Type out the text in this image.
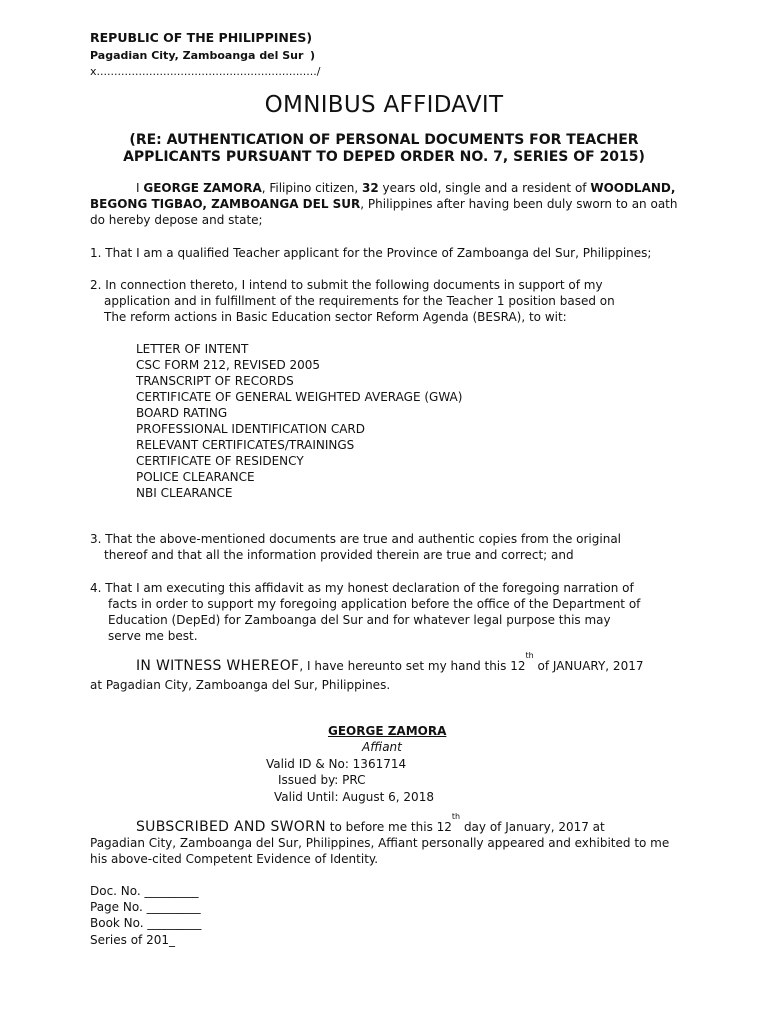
REPUBLIC OF THE PHILIPPINES)
Pagadian City, Zamboanga del Sur )
x.............................................................../
OMNIBUS AFFIDAVIT
(RE: AUTHENTICATION OF PERSONAL DOCUMENTS FOR TEACHER
APPLICANTS PURSUANT TO DEPED ORDER NO. 7, SERIES OF 2015)
I GEORGE ZAMORA, Filipino citizen, 32 years old, single and a resident of WOODLAND,
BEGONG TIGBAO, ZAMBOANGA DEL SUR, Philippines after having been duly sworn to an oath
do hereby depose and state;
1. That I am a qualified Teacher applicant for the Province of Zamboanga del Sur, Philippines;
2. In connection thereto, I intend to submit the following documents in support of my
application and in fulfillment of the requirements for the Teacher 1 position based on
The reform actions in Basic Education sector Reform Agenda (BESRA), to wit:
LETTER OF INTENT
CSC FORM 212, REVISED 2005
TRANSCRIPT OF RECORDS
CERTIFICATE OF GENERAL WEIGHTED AVERAGE (GWA)
BOARD RATING
PROFESSIONAL IDENTIFICATION CARD
RELEVANT CERTIFICATES/TRAININGS
CERTIFICATE OF RESIDENCY
POLICE CLEARANCE
NBI CLEARANCE
3. That the above-mentioned documents are true and authentic copies from the original
thereof and that all the information provided therein are true and correct; and
4. That I am executing this affidavit as my honest declaration of the foregoing narration of
facts in order to support my foregoing application before the office of the Department of
Education (DepEd) for Zamboanga del Sur and for whatever legal purpose this may
serve me best.
IN WITNESS WHEREOF, I have hereunto set my hand this 12th of JANUARY, 2017
at Pagadian City, Zamboanga del Sur, Philippines.
GEORGE ZAMORA
Affiant
Valid ID & No: 1361714
Issued by: PRC
Valid Until: August 6, 2018
SUBSCRIBED AND SWORN to before me this 12th day of January, 2017 at
Pagadian City, Zamboanga del Sur, Philippines, Affiant personally appeared and exhibited to me
his above-cited Competent Evidence of Identity.
Doc. No. _________
Page No. _________
Book No. _________
Series of 201_
